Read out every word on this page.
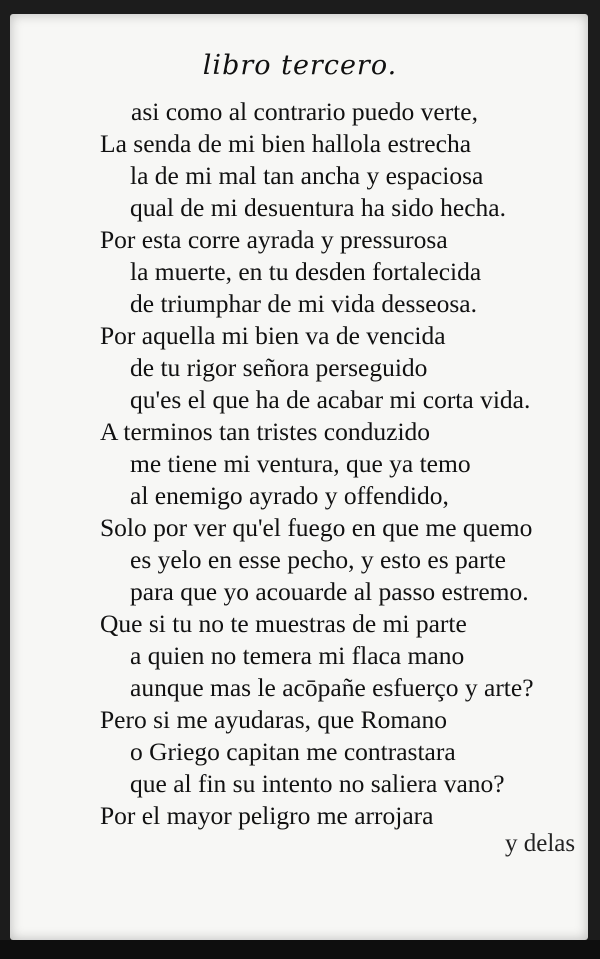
libro tercero.
asi como al contrario puedo verte,
La senda de mi bien hallola estrecha
la de mi mal tan ancha y espaciosa
qual de mi desuentura ha sido hecha.
Por esta corre ayrada y pressurosa
la muerte, en tu desden fortalecida
de triumphar de mi vida desseosa.
Por aquella mi bien va de vencida
de tu rigor señora perseguido
qu'es el que ha de acabar mi corta vida.
A terminos tan tristes conduzido
me tiene mi ventura, que ya temo
al enemigo ayrado y offendido,
Solo por ver qu'el fuego en que me quemo
es yelo en esse pecho, y esto es parte
para que yo acouarde al passo estremo.
Que si tu no te muestras de mi parte
a quien no temera mi flaca mano
aunque mas le acōpañe esfuerço y arte?
Pero si me ayudaras, que Romano
o Griego capitan me contrastara
que al fin su intento no saliera vano?
Por el mayor peligro me arrojara
y delas
